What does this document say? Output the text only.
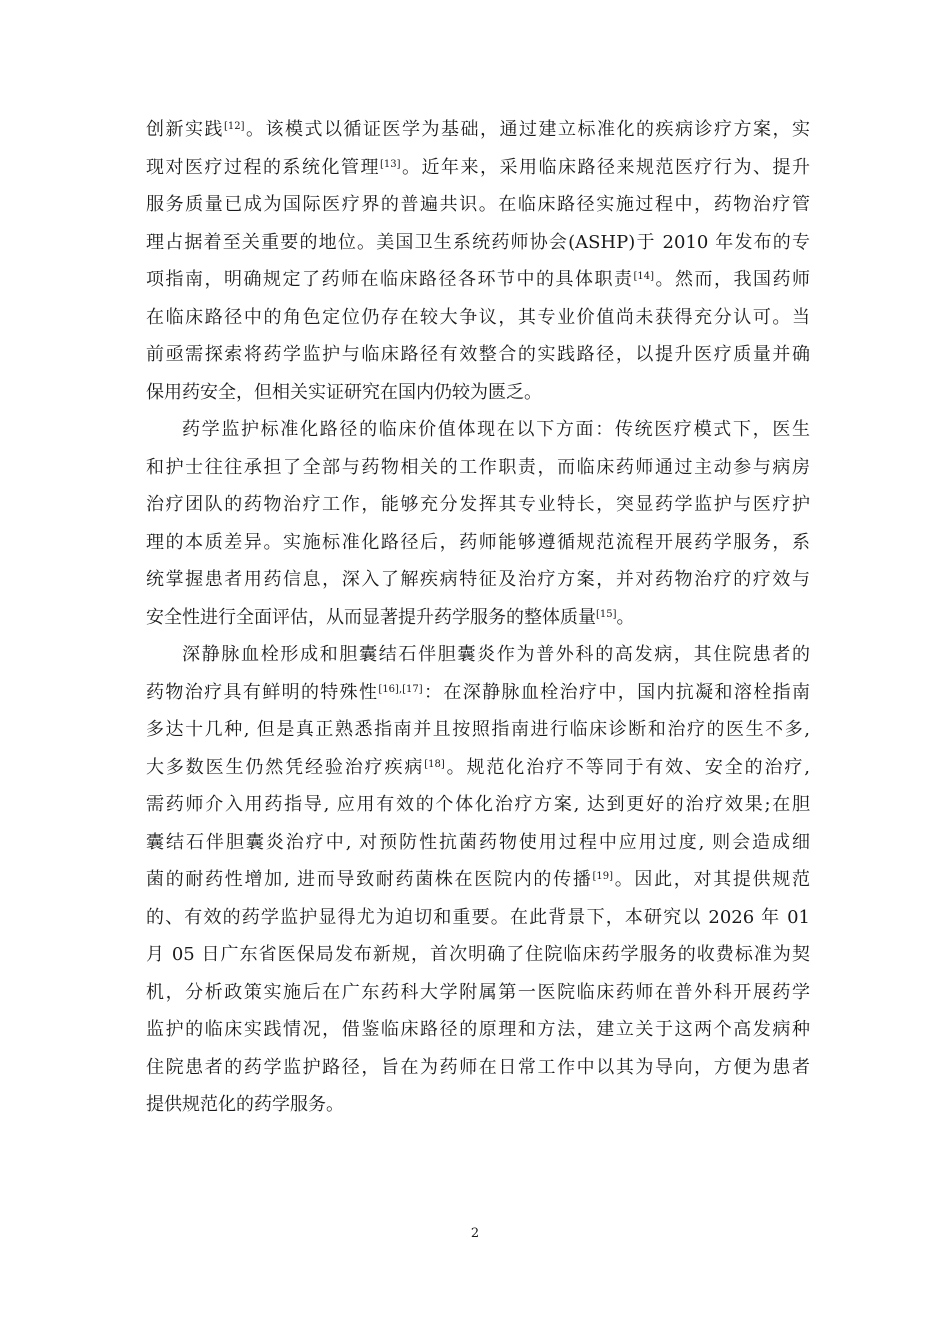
创新实践[12]。该模式以循证医学为基础，通过建立标准化的疾病诊疗方案，实
现对医疗过程的系统化管理[13]。近年来，采用临床路径来规范医疗行为、提升
服务质量已成为国际医疗界的普遍共识。在临床路径实施过程中，药物治疗管
理占据着至关重要的地位。美国卫生系统药师协会(ASHP)于 2010 年发布的专
项指南，明确规定了药师在临床路径各环节中的具体职责[14]。然而，我国药师
在临床路径中的角色定位仍存在较大争议，其专业价值尚未获得充分认可。当
前亟需探索将药学监护与临床路径有效整合的实践路径，以提升医疗质量并确
保用药安全，但相关实证研究在国内仍较为匮乏。
药学监护标准化路径的临床价值体现在以下方面：传统医疗模式下，医生
和护士往往承担了全部与药物相关的工作职责，而临床药师通过主动参与病房
治疗团队的药物治疗工作，能够充分发挥其专业特长，突显药学监护与医疗护
理的本质差异。实施标准化路径后，药师能够遵循规范流程开展药学服务，系
统掌握患者用药信息，深入了解疾病特征及治疗方案，并对药物治疗的疗效与
安全性进行全面评估，从而显著提升药学服务的整体质量[15]。
深静脉血栓形成和胆囊结石伴胆囊炎作为普外科的高发病，其住院患者的
药物治疗具有鲜明的特殊性[16],[17]：在深静脉血栓治疗中，国内抗凝和溶栓指南
多达十几种, 但是真正熟悉指南并且按照指南进行临床诊断和治疗的医生不多,
大多数医生仍然凭经验治疗疾病[18]。规范化治疗不等同于有效、安全的治疗,
需药师介入用药指导, 应用有效的个体化治疗方案, 达到更好的治疗效果;在胆
囊结石伴胆囊炎治疗中, 对预防性抗菌药物使用过程中应用过度, 则会造成细
菌的耐药性增加, 进而导致耐药菌株在医院内的传播[19]。因此，对其提供规范
的、有效的药学监护显得尤为迫切和重要。在此背景下，本研究以 2026 年 01
月 05 日广东省医保局发布新规，首次明确了住院临床药学服务的收费标准为契
机，分析政策实施后在广东药科大学附属第一医院临床药师在普外科开展药学
监护的临床实践情况，借鉴临床路径的原理和方法，建立关于这两个高发病种
住院患者的药学监护路径，旨在为药师在日常工作中以其为导向，方便为患者
提供规范化的药学服务。
2
